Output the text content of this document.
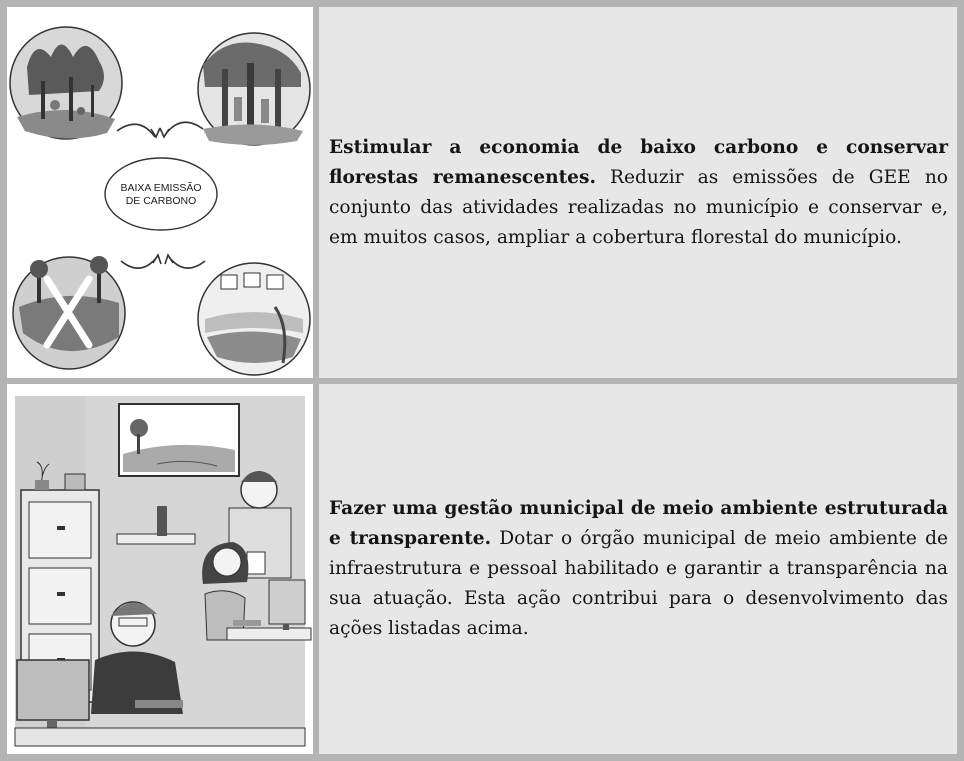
BAIXA EMISSÃO
DE CARBONO

Estimular a economia de baixo carbono e conservar florestas remanescentes. Reduzir as emissões de GEE no conjunto das atividades realizadas no município e conservar e, em muitos casos, ampliar a cobertura florestal do município.

Fazer uma gestão municipal de meio ambiente estruturada e transparente. Dotar o órgão municipal de meio ambiente de infraestrutura e pessoal habilitado e garantir a transparência na sua atuação. Esta ação contribui para o desenvolvimento das ações listadas acima.
